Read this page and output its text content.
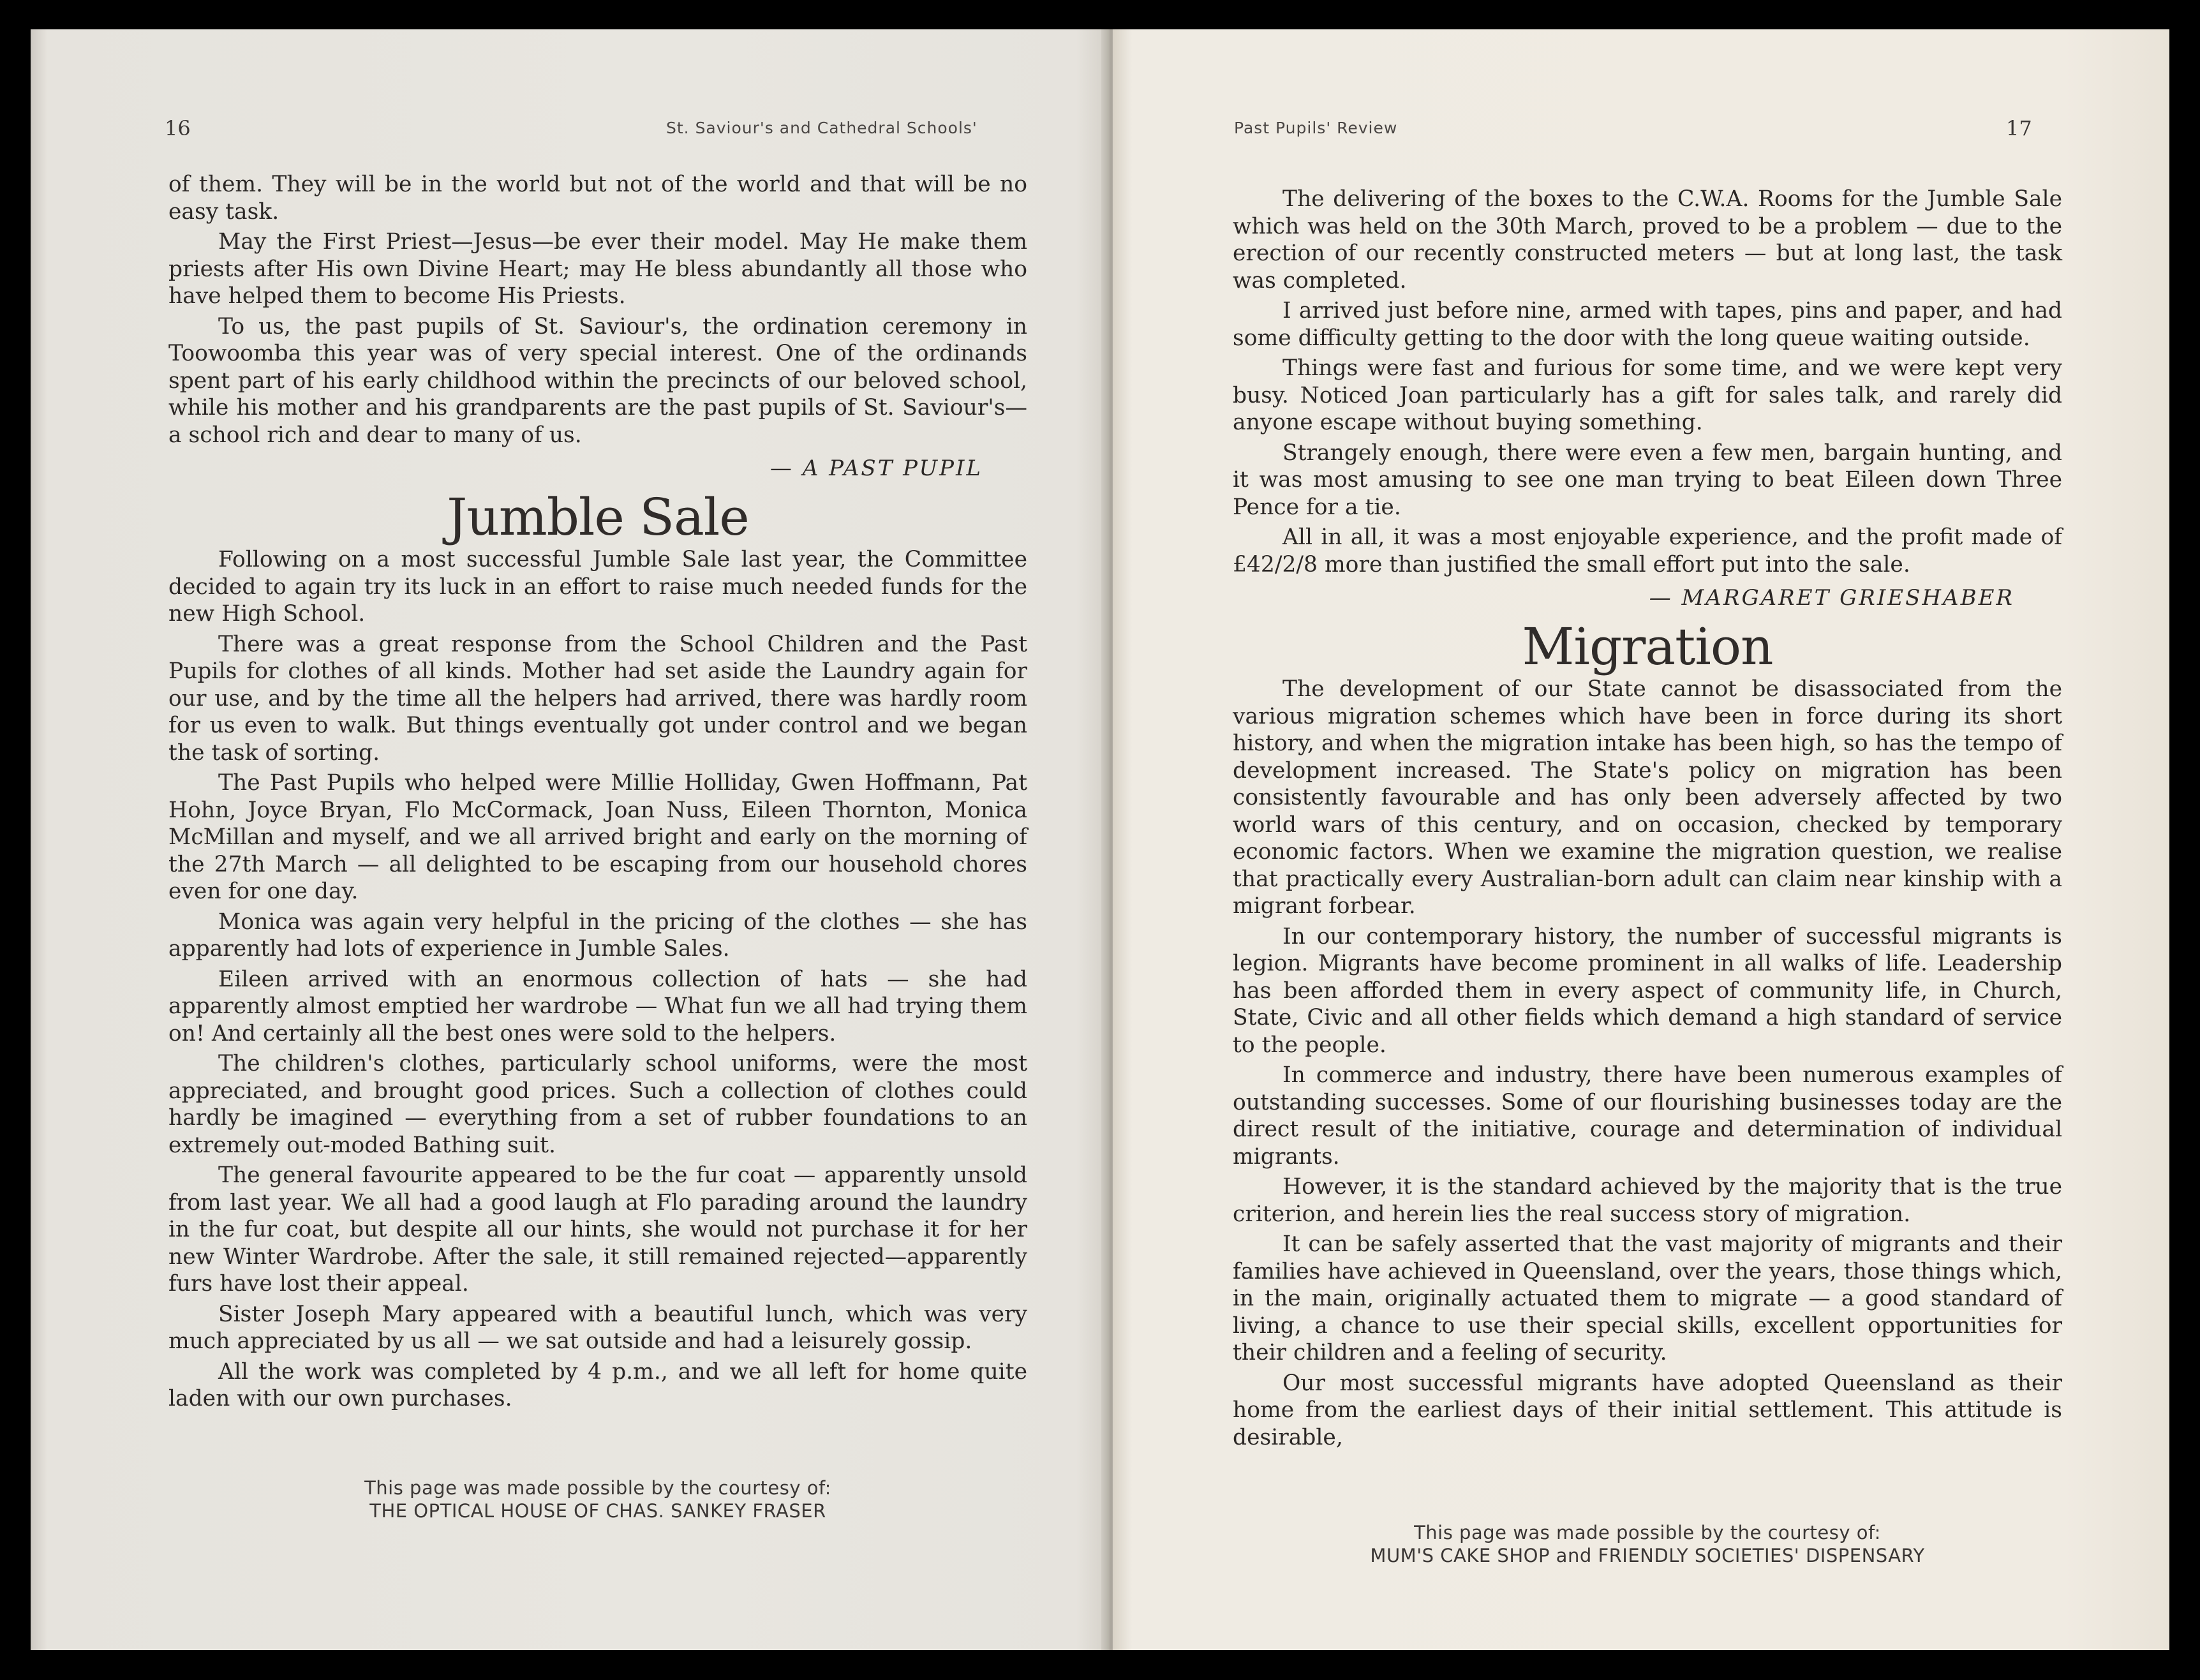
16	St. Saviour's and Cathedral Schools'

of them. They will be in the world but not of the world and that will be no easy task.

May the First Priest—Jesus—be ever their model. May He make them priests after His own Divine Heart; may He bless abundantly all those who have helped them to become His Priests.

To us, the past pupils of St. Saviour's, the ordination ceremony in Toowoomba this year was of very special interest. One of the ordinands spent part of his early childhood within the precincts of our beloved school, while his mother and his grandparents are the past pupils of St. Saviour's— a school rich and dear to many of us.

— A PAST PUPIL
Jumble Sale

Following on a most successful Jumble Sale last year, the Committee decided to again try its luck in an effort to raise much needed funds for the new High School.

There was a great response from the School Children and the Past Pupils for clothes of all kinds. Mother had set aside the Laundry again for our use, and by the time all the helpers had arrived, there was hardly room for us even to walk. But things eventually got under control and we began the task of sorting.

The Past Pupils who helped were Millie Holliday, Gwen Hoffmann, Pat Hohn, Joyce Bryan, Flo McCormack, Joan Nuss, Eileen Thornton, Monica McMillan and myself, and we all arrived bright and early on the morning of the 27th March — all delighted to be escaping from our household chores even for one day.

Monica was again very helpful in the pricing of the clothes — she has apparently had lots of experience in Jumble Sales.

Eileen arrived with an enormous collection of hats — she had apparently almost emptied her wardrobe — What fun we all had trying them on! And certainly all the best ones were sold to the helpers.

The children's clothes, particularly school uniforms, were the most appreciated, and brought good prices. Such a collection of clothes could hardly be imagined — everything from a set of rubber foundations to an extremely out-moded Bathing suit.

The general favourite appeared to be the fur coat — apparently unsold from last year. We all had a good laugh at Flo parading around the laundry in the fur coat, but despite all our hints, she would not purchase it for her new Winter Wardrobe. After the sale, it still remained rejected—apparently furs have lost their appeal.

Sister Joseph Mary appeared with a beautiful lunch, which was very much appreciated by us all — we sat outside and had a leisurely gossip.

All the work was completed by 4 p.m., and we all left for home quite laden with our own purchases.

This page was made possible by the courtesy of:
THE OPTICAL HOUSE OF CHAS. SANKEY FRASER
Past Pupils' Review	17

The delivering of the boxes to the C.W.A. Rooms for the Jumble Sale which was held on the 30th March, proved to be a problem — due to the erection of our recently constructed meters — but at long last, the task was completed.

I arrived just before nine, armed with tapes, pins and paper, and had some difficulty getting to the door with the long queue waiting outside.

Things were fast and furious for some time, and we were kept very busy. Noticed Joan particularly has a gift for sales talk, and rarely did anyone escape without buying something.

Strangely enough, there were even a few men, bargain hunting, and it was most amusing to see one man trying to beat Eileen down Three Pence for a tie.

All in all, it was a most enjoyable experience, and the profit made of £42/2/8 more than justified the small effort put into the sale.

— MARGARET GRIESHABER
Migration

The development of our State cannot be disassociated from the various migration schemes which have been in force during its short history, and when the migration intake has been high, so has the tempo of development increased. The State's policy on migration has been consistently favourable and has only been adversely affected by two world wars of this century, and on occasion, checked by temporary economic factors. When we examine the migration question, we realise that practically every Australian-born adult can claim near kinship with a migrant forbear.

In our contemporary history, the number of successful migrants is legion. Migrants have become prominent in all walks of life. Leadership has been afforded them in every aspect of community life, in Church, State, Civic and all other fields which demand a high standard of service to the people.

In commerce and industry, there have been numerous examples of outstanding successes. Some of our flourishing businesses today are the direct result of the initiative, courage and determination of individual migrants.

However, it is the standard achieved by the majority that is the true criterion, and herein lies the real success story of migration.

It can be safely asserted that the vast majority of migrants and their families have achieved in Queensland, over the years, those things which, in the main, originally actuated them to migrate — a good standard of living, a chance to use their special skills, excellent opportunities for their children and a feeling of security.

Our most successful migrants have adopted Queensland as their home from the earliest days of their initial settlement. This attitude is desirable,

This page was made possible by the courtesy of:
MUM'S CAKE SHOP and FRIENDLY SOCIETIES' DISPENSARY
